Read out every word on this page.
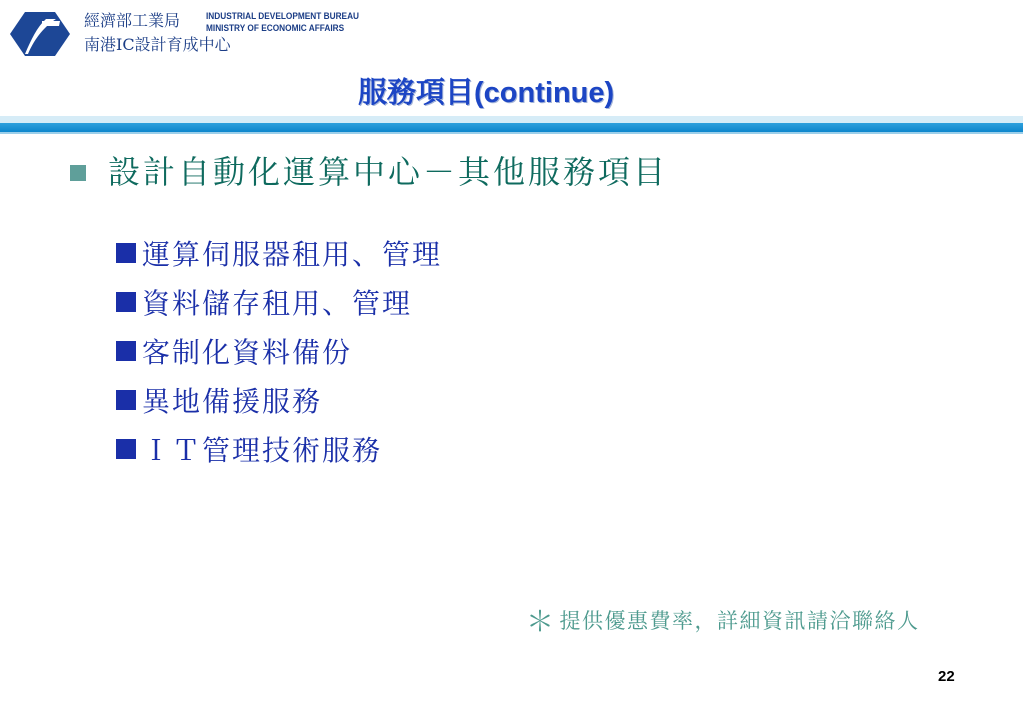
經濟部工業局
南港IC設計育成中心
INDUSTRIAL DEVELOPMENT BUREAU
MINISTRY OF ECONOMIC AFFAIRS
服務項目(continue)
設計自動化運算中心－其他服務項目
運算伺服器租用、管理
資料儲存租用、管理
客制化資料備份
異地備援服務
ＩＴ管理技術服務
＊ 提供優惠費率，詳細資訊請洽聯絡人
22
